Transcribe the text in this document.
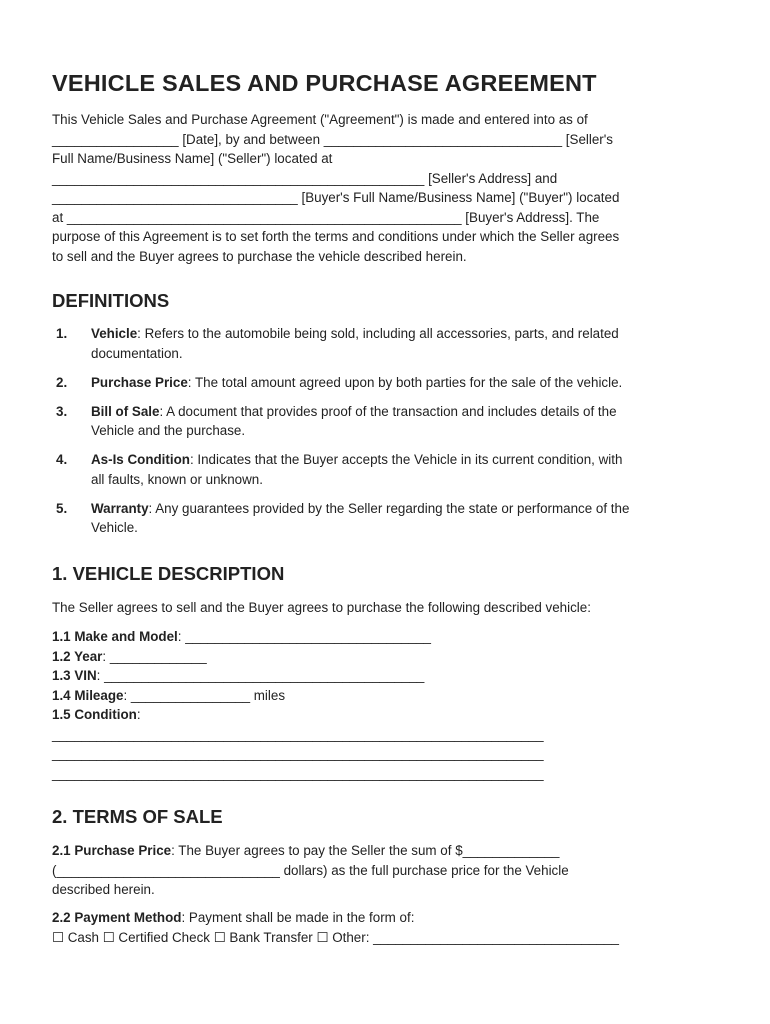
VEHICLE SALES AND PURCHASE AGREEMENT
This Vehicle Sales and Purchase Agreement ("Agreement") is made and entered into as of
_________________ [Date], by and between ________________________________ [Seller's
Full Name/Business Name] ("Seller") located at
__________________________________________________ [Seller's Address] and
_________________________________ [Buyer's Full Name/Business Name] ("Buyer") located
at _____________________________________________________ [Buyer's Address]. The
purpose of this Agreement is to set forth the terms and conditions under which the Seller agrees
to sell and the Buyer agrees to purchase the vehicle described herein.
DEFINITIONS
1. Vehicle: Refers to the automobile being sold, including all accessories, parts, and related
documentation.
2. Purchase Price: The total amount agreed upon by both parties for the sale of the vehicle.
3. Bill of Sale: A document that provides proof of the transaction and includes details of the
Vehicle and the purchase.
4. As-Is Condition: Indicates that the Buyer accepts the Vehicle in its current condition, with
all faults, known or unknown.
5. Warranty: Any guarantees provided by the Seller regarding the state or performance of the
Vehicle.
1. VEHICLE DESCRIPTION
The Seller agrees to sell and the Buyer agrees to purchase the following described vehicle:
1.1 Make and Model: _________________________________
1.2 Year: _____________
1.3 VIN: ___________________________________________
1.4 Mileage: ________________ miles
1.5 Condition:
__________________________________________________________________
__________________________________________________________________
__________________________________________________________________
2. TERMS OF SALE
2.1 Purchase Price: The Buyer agrees to pay the Seller the sum of $_____________
(______________________________ dollars) as the full purchase price for the Vehicle
described herein.
2.2 Payment Method: Payment shall be made in the form of:
☐ Cash ☐ Certified Check ☐ Bank Transfer ☐ Other: _________________________________
